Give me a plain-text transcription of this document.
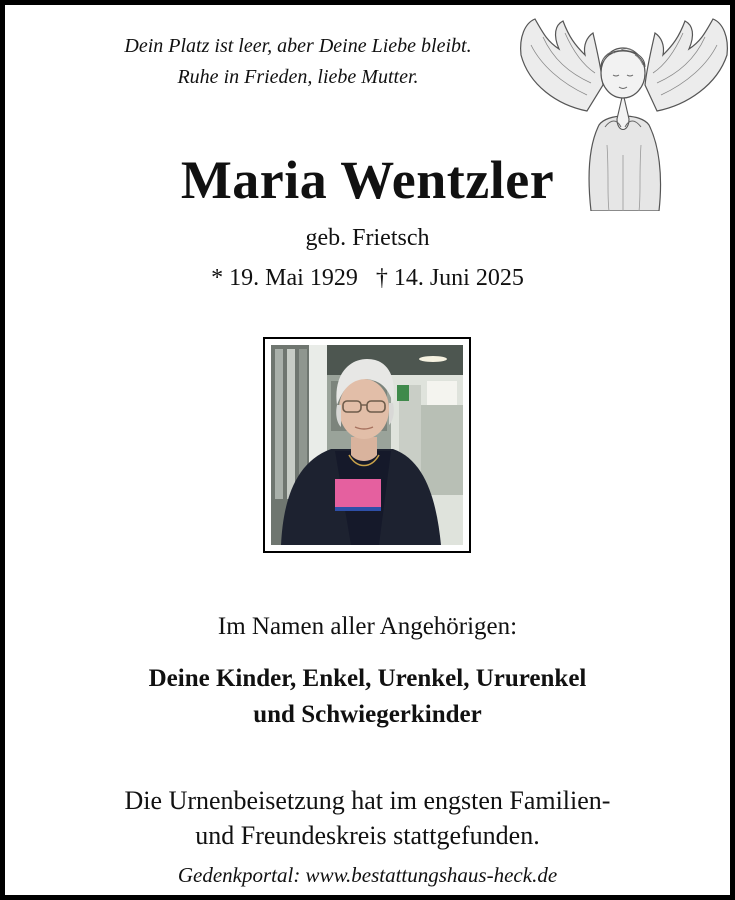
Dein Platz ist leer, aber Deine Liebe bleibt.
Ruhe in Frieden, liebe Mutter.
Maria Wentzler
geb. Frietsch
* 19. Mai 1929 † 14. Juni 2025
Im Namen aller Angehörigen:
Deine Kinder, Enkel, Urenkel, Ururenkel
und Schwiegerkinder
Die Urnenbeisetzung hat im engsten Familien-
und Freundeskreis stattgefunden.
Gedenkportal: www.bestattungshaus-heck.de
